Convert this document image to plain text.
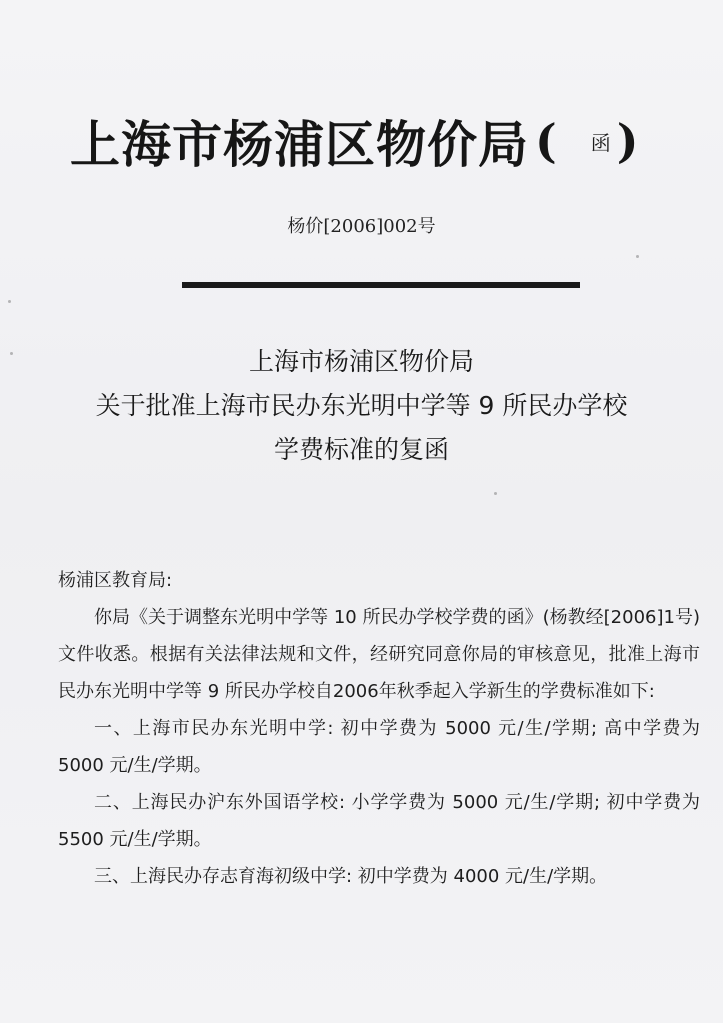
上海市杨浦区物价局 ( 函 )
杨价[2006]002号
上海市杨浦区物价局
关于批准上海市民办东光明中学等 9 所民办学校
学费标准的复函

杨浦区教育局:

你局《关于调整东光明中学等 10 所民办学校学费的函》(杨教经[2006]1号)文件收悉。根据有关法律法规和文件，经研究同意你局的审核意见，批准上海市民办东光明中学等 9 所民办学校自2006年秋季起入学新生的学费标准如下:

一、上海市民办东光明中学: 初中学费为 5000 元/生/学期; 高中学费为 5000 元/生/学期。

二、上海民办沪东外国语学校: 小学学费为 5000 元/生/学期; 初中学费为 5500 元/生/学期。

三、上海民办存志育海初级中学: 初中学费为 4000 元/生/学期。
